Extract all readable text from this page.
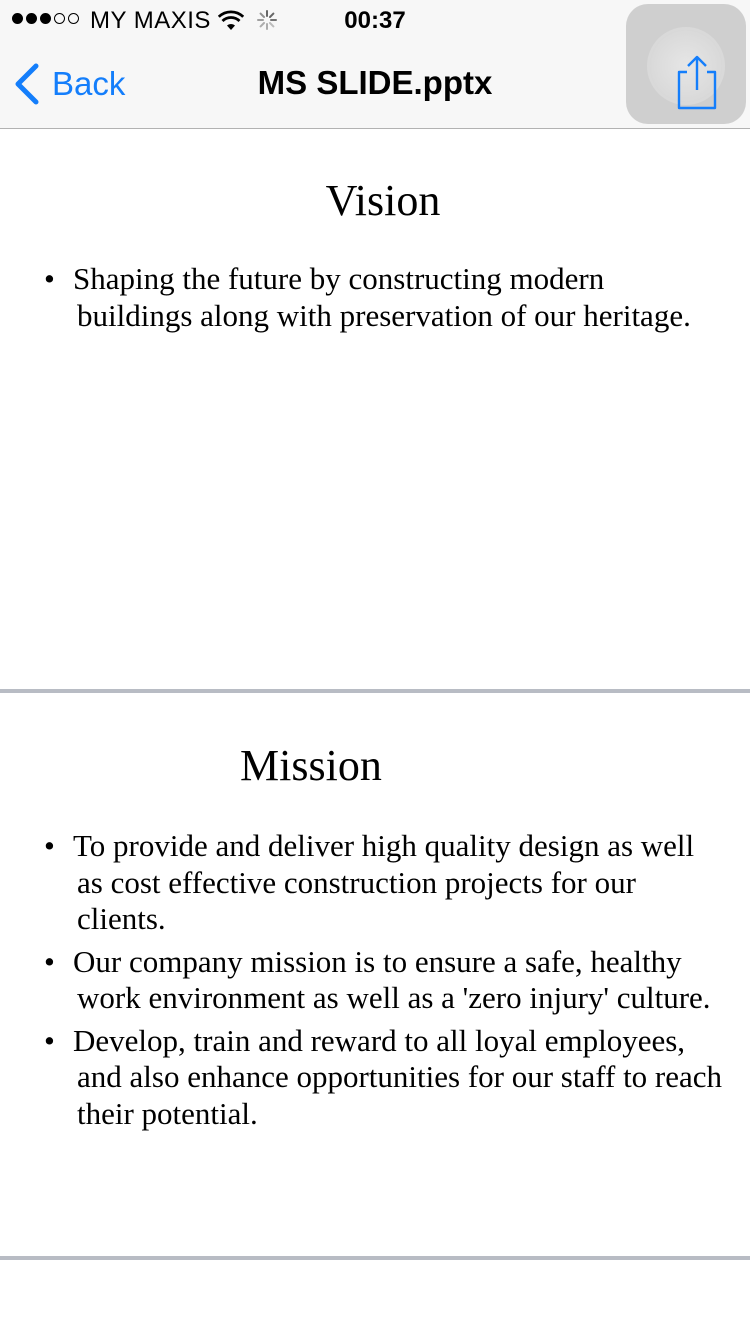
MY MAXIS	00:37
Back	MS SLIDE.pptx
Vision
• Shaping the future by constructing modern buildings along with preservation of our heritage.
Mission
• To provide and deliver high quality design as well as cost effective construction projects for our clients.
• Our company mission is to ensure a safe, healthy work environment as well as a 'zero injury' culture.
• Develop, train and reward to all loyal employees, and also enhance opportunities for our staff to reach their potential.
